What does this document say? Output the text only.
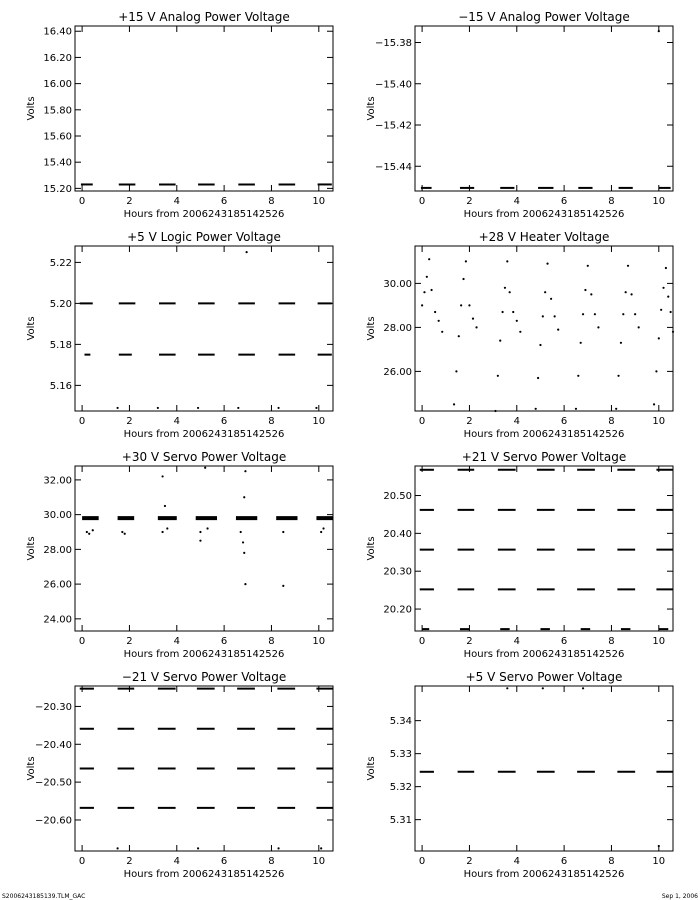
+15 V Analog Power Voltage
0	2	4	6	8	10
15.20
15.40
15.60
15.80
16.00
16.20
16.40
Hours from 2006243185142526
Volts
−15 V Analog Power Voltage
0	2	4	6	8	10
−15.44
−15.42
−15.40
−15.38
Hours from 2006243185142526
Volts
+5 V Logic Power Voltage
0	2	4	6	8	10
5.16
5.18
5.20
5.22
Hours from 2006243185142526
Volts
+28 V Heater Voltage
0	2	4	6	8	10
26.00
28.00
30.00
Hours from 2006243185142526
Volts
+30 V Servo Power Voltage
0	2	4	6	8	10
24.00
26.00
28.00
30.00
32.00
Hours from 2006243185142526
Volts
+21 V Servo Power Voltage
0	2	4	6	8	10
20.20
20.30
20.40
20.50
Hours from 2006243185142526
Volts
−21 V Servo Power Voltage
0	2	4	6	8	10
−20.60
−20.50
−20.40
−20.30
Hours from 2006243185142526
Volts
+5 V Servo Power Voltage
0	2	4	6	8	10
5.31
5.32
5.33
5.34
Hours from 2006243185142526
Volts
S2006243185139.TLM_GAC	Sep 1, 2006
